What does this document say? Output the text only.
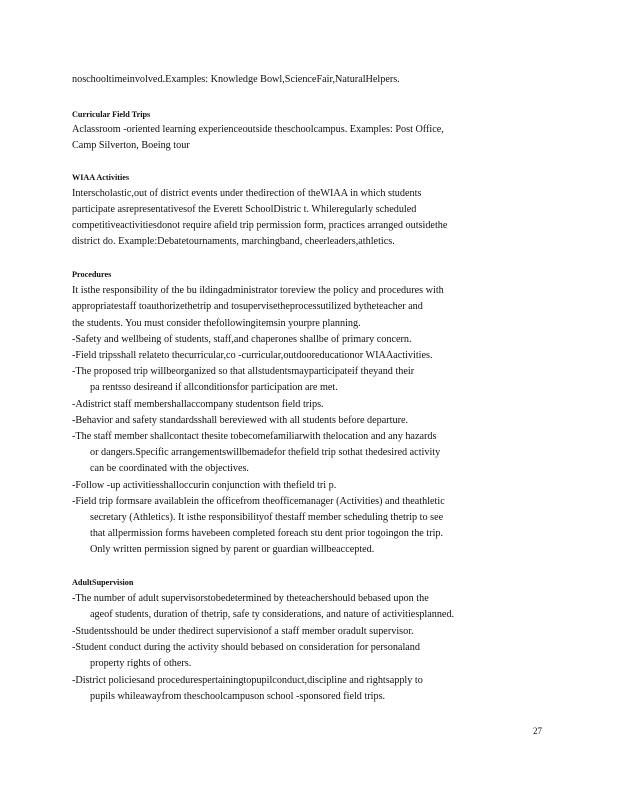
noschooltimeinvolved.Examples: Knowledge Bowl,ScienceFair,NaturalHelpers.
Curricular Field Trips
Aclassroom -oriented learning experienceoutside theschoolcampus. Examples: Post Office,
Camp Silverton, Boeing tour
WIAA Activities
Interscholastic,out of district events under thedirection of theWIAA in which students
participate asrepresentativesof the Everett SchoolDistric t. Whileregularly scheduled
competitiveactivitiesdonot require afield trip permission form, practices arranged outsidethe
district do. Example:Debatetournaments, marchingband, cheerleaders,athletics.
Procedures
It isthe responsibility of the bu ildingadministrator toreview the policy and procedures with
appropriatestaff toauthorizethetrip and tosupervisetheprocessutilized bytheteacher and
the students. You must consider thefollowingitemsin yourpre planning.
-Safety and wellbeing of students, staff,and chaperones shallbe of primary concern.
-Field tripsshall relateto thecurricular,co -curricular,outdooreducationor WIAAactivities.
-The proposed trip willbeorganized so that allstudentsmayparticipateif theyand their
pa rentsso desireand if allconditionsfor participation are met.
-Adistrict staff membershallaccompany studentson field trips.
-Behavior and safety standardsshall bereviewed with all students before departure.
-The staff member shallcontact thesite tobecomefamiliarwith thelocation and any hazards
or dangers.Specific arrangementswillbemadefor thefield trip sothat thedesired activity
can be coordinated with the objectives.
-Follow -up activitiesshalloccurin conjunction with thefield tri p.
-Field trip formsare availablein the officefrom theofficemanager (Activities) and theathletic
secretary (Athletics). It isthe responsibilityof thestaff member scheduling thetrip to see
that allpermission forms havebeen completed foreach stu dent prior togoingon the trip.
Only written permission signed by parent or guardian willbeaccepted.
AdultSupervision
-The number of adult supervisorstobedetermined by theteachershould bebased upon the
ageof students, duration of thetrip, safe ty considerations, and nature of activitiesplanned.
-Studentsshould be under thedirect supervisionof a staff member oradult supervisor.
-Student conduct during the activity should bebased on consideration for personaland
property rights of others.
-District policiesand procedurespertainingtopupilconduct,discipline and rightsapply to
pupils whileawayfrom theschoolcampuson school -sponsored field trips.
27
